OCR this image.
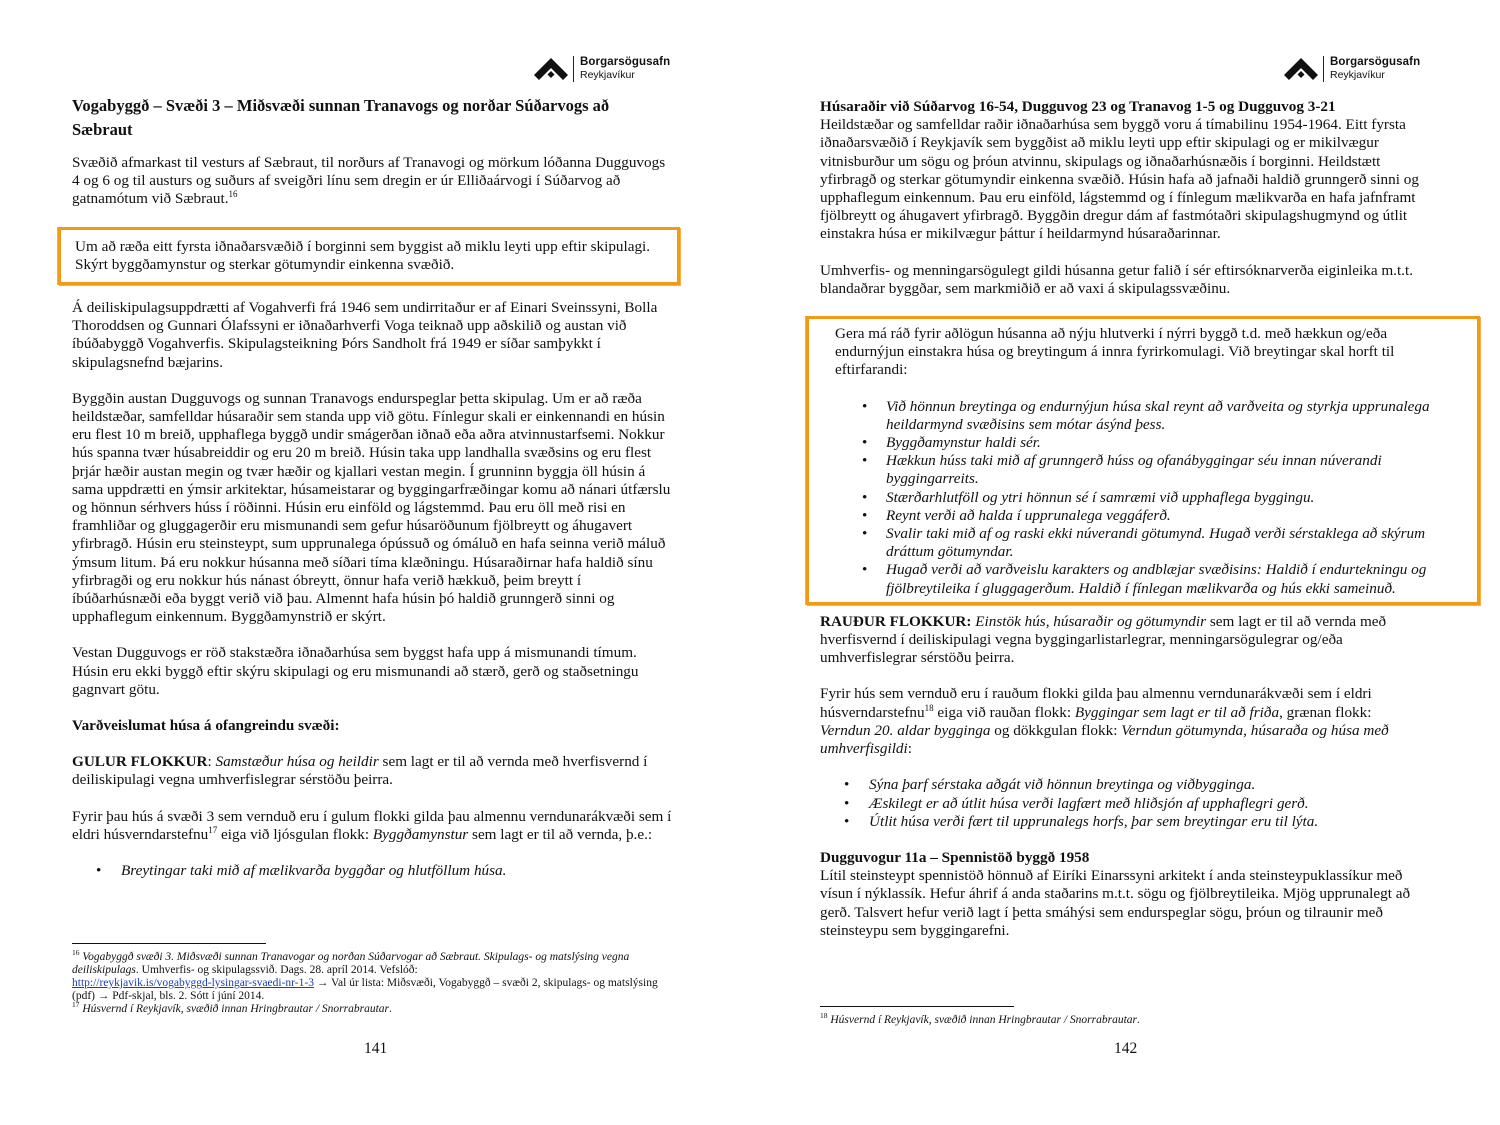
Borgarsögusafn
Reykjavíkur
Vogabyggð – Svæði 3 – Miðsvæði sunnan Tranavogs og norðar Súðarvogs að Sæbraut

Svæðið afmarkast til vesturs af Sæbraut, til norðurs af Tranavogi og mörkum lóðanna Dugguvogs 4 og 6 og til austurs og suðurs af sveigðri línu sem dregin er úr Elliðaárvogi í Súðarvog að gatnamótum við Sæbraut.$^{16}$

Um að ræða eitt fyrsta iðnaðarsvæðið í borginni sem byggist að miklu leyti upp eftir skipulagi. Skýrt byggðamynstur og sterkar götumyndir einkenna svæðið.

Á deiliskipulagsuppdrætti af Vogahverfi frá 1946 sem undirritaður er af Einari Sveinssyni, Bolla Thoroddsen og Gunnari Ólafssyni er iðnaðarhverfi Voga teiknað upp aðskilið og austan við íbúðabyggð Vogahverfis. Skipulagsteikning Þórs Sandholt frá 1949 er síðar samþykkt í skipulagsnefnd bæjarins.

Byggðin austan Dugguvogs og sunnan Tranavogs endurspeglar þetta skipulag. Um er að ræða heildstæðar, samfelldar húsaraðir sem standa upp við götu. Fínlegur skali er einkennandi en húsin eru flest 10 m breið, upphaflega byggð undir smágerðan iðnað eða aðra atvinnustarfsemi. Nokkur hús spanna tvær húsabreiddir og eru 20 m breið. Húsin taka upp landhalla svæðsins og eru flest þrjár hæðir austan megin og tvær hæðir og kjallari vestan megin. Í grunninn byggja öll húsin á sama uppdrætti en ýmsir arkitektar, húsameistarar og byggingarfræðingar komu að nánari útfærslu og hönnun sérhvers húss í röðinni. Húsin eru einföld og lágstemmd. Þau eru öll með risi en framhliðar og gluggagerðir eru mismunandi sem gefur húsaröðunum fjölbreytt og áhugavert yfirbragð. Húsin eru steinsteypt, sum upprunalega ópússuð og ómáluð en hafa seinna verið máluð ýmsum litum. Þá eru nokkur húsanna með síðari tíma klæðningu. Húsaraðirnar hafa haldið sínu yfirbragði og eru nokkur hús nánast óbreytt, önnur hafa verið hækkuð, þeim breytt í íbúðarhúsnæði eða byggt verið við þau. Almennt hafa húsin þó haldið grunngerð sinni og upphaflegum einkennum. Byggðamynstrið er skýrt.

Vestan Dugguvogs er röð stakstæðra iðnaðarhúsa sem byggst hafa upp á mismunandi tímum. Húsin eru ekki byggð eftir skýru skipulagi og eru mismunandi að stærð, gerð og staðsetningu gagnvart götu.

Varðveislumat húsa á ofangreindu svæði:

GULUR FLOKKUR: Samstæður húsa og heildir sem lagt er til að vernda með hverfisvernd í deiliskipulagi vegna umhverfislegrar sérstöðu þeirra.

Fyrir þau hús á svæði 3 sem vernduð eru í gulum flokki gilda þau almennu verndunarákvæði sem í eldri húsverndarstefnu$^{17}$ eiga við ljósgulan flokk: Byggðamynstur sem lagt er til að vernda, þ.e.:

• Breytingar taki mið af mælikvarða byggðar og hlutföllum húsa.

$^{16}$ Vogabyggð svæði 3. Miðsvæði sunnan Tranavogar og norðan Súðarvogar að Sæbraut. Skipulags- og matslýsing vegna deiliskipulags. Umhverfis- og skipulagssvið. Dags. 28. apríl 2014. Vefslóð:
http://reykjavik.is/vogabyggd-lysingar-svaedi-nr-1-3 → Val úr lista: Miðsvæði, Vogabyggð – svæði 2, skipulags- og matslýsing (pdf) → Pdf-skjal, bls. 2. Sótt í júní 2014.

$^{17}$ Húsvernd í Reykjavík, svæðið innan Hringbrautar / Snorrabrautar.

141
Borgarsögusafn
Reykjavíkur
Húsaraðir við Súðarvog 16-54, Dugguvog 23 og Tranavog 1-5 og Dugguvog 3-21

Heildstæðar og samfelldar raðir iðnaðarhúsa sem byggð voru á tímabilinu 1954-1964. Eitt fyrsta iðnaðarsvæðið í Reykjavík sem byggðist að miklu leyti upp eftir skipulagi og er mikilvægur vitnisburður um sögu og þróun atvinnu, skipulags og iðnaðarhúsnæðis í borginni. Heildstætt yfirbragð og sterkar götumyndir einkenna svæðið. Húsin hafa að jafnaði haldið grunngerð sinni og upphaflegum einkennum. Þau eru einföld, lágstemmd og í fínlegum mælikvarða en hafa jafnframt fjölbreytt og áhugavert yfirbragð. Byggðin dregur dám af fastmótaðri skipulagshugmynd og útlit einstakra húsa er mikilvægur þáttur í heildarmynd húsaraðarinnar.

Umhverfis- og menningarsögulegt gildi húsanna getur falið í sér eftirsóknarverða eiginleika m.t.t. blandaðrar byggðar, sem markmiðið er að vaxi á skipulagssvæðinu.

Gera má ráð fyrir aðlögun húsanna að nýju hlutverki í nýrri byggð t.d. með hækkun og/eða endurnýjun einstakra húsa og breytingum á innra fyrirkomulagi. Við breytingar skal horft til eftirfarandi:

• Við hönnun breytinga og endurnýjun húsa skal reynt að varðveita og styrkja upprunalega heildarmynd svæðisins sem mótar ásýnd þess.
• Byggðamynstur haldi sér.
• Hækkun húss taki mið af grunngerð húss og ofanábyggingar séu innan núverandi byggingarreits.
• Stærðarhlutföll og ytri hönnun sé í samræmi við upphaflega byggingu.
• Reynt verði að halda í upprunalega veggáferð.
• Svalir taki mið af og raski ekki núverandi götumynd. Hugað verði sérstaklega að skýrum dráttum götumyndar.
• Hugað verði að varðveislu karakters og andblæjar svæðisins: Haldið í endurtekningu og fjölbreytileika í gluggagerðum. Haldið í fínlegan mælikvarða og hús ekki sameinuð.

RAUÐUR FLOKKUR: Einstök hús, húsaraðir og götumyndir sem lagt er til að vernda með hverfisvernd í deiliskipulagi vegna byggingarlistarlegrar, menningarsögulegrar og/eða umhverfislegrar sérstöðu þeirra.

Fyrir hús sem vernduð eru í rauðum flokki gilda þau almennu verndunarákvæði sem í eldri húsverndarstefnu$^{18}$ eiga við rauðan flokk: Byggingar sem lagt er til að friða, grænan flokk: Verndun 20. aldar bygginga og dökkgulan flokk: Verndun götumynda, húsaraða og húsa með umhverfisgildi:

• Sýna þarf sérstaka aðgát við hönnun breytinga og viðbygginga.
• Æskilegt er að útlit húsa verði lagfært með hliðsjón af upphaflegri gerð.
• Útlit húsa verði fært til upprunalegs horfs, þar sem breytingar eru til lýta.
Dugguvogur 11a – Spennistöð byggð 1958

Lítil steinsteypt spennistöð hönnuð af Eiríki Einarssyni arkitekt í anda steinsteypuklassíkur með vísun í nýklassík. Hefur áhrif á anda staðarins m.t.t. sögu og fjölbreytileika. Mjög upprunalegt að gerð. Talsvert hefur verið lagt í þetta smáhýsi sem endurspeglar sögu, þróun og tilraunir með steinsteypu sem byggingarefni.

$^{18}$ Húsvernd í Reykjavík, svæðið innan Hringbrautar / Snorrabrautar.

142
